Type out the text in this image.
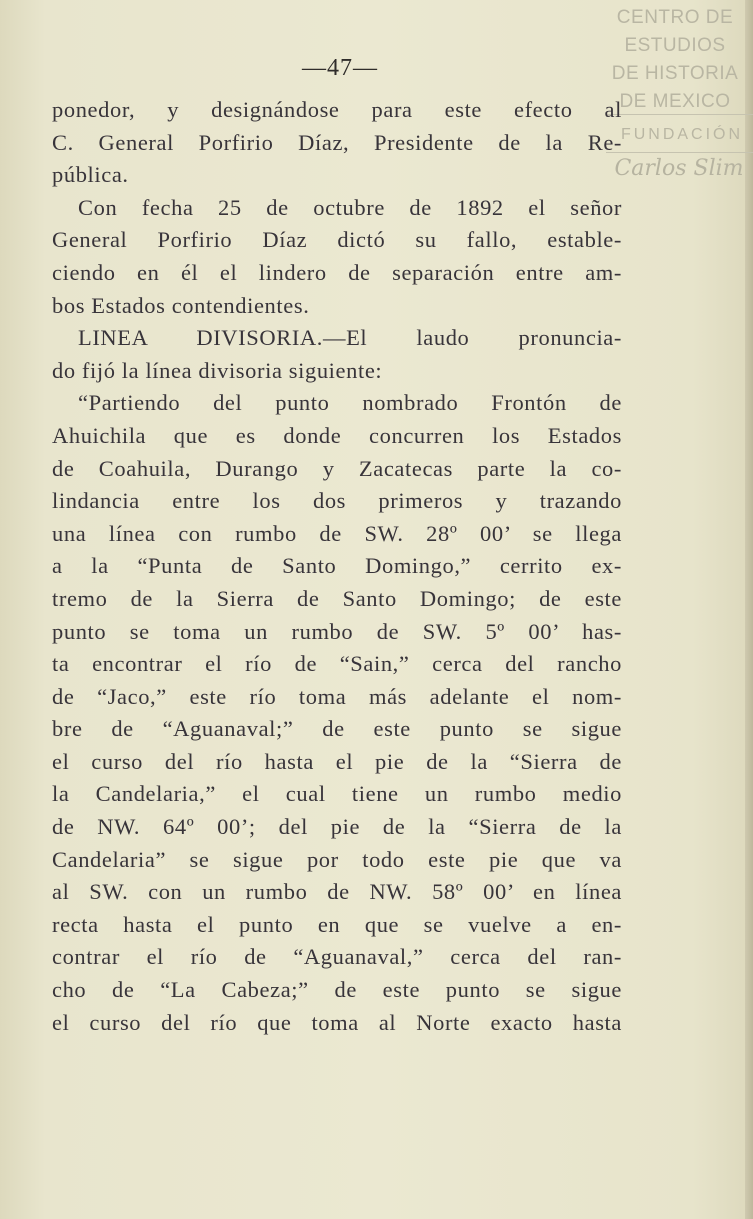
CENTRO DE
ESTUDIOS
DE HISTORIA
DE MEXICO
FUNDACIÓN
Carlos Slim
—47—
ponedor, y designándose para este efecto al
C. General Porfirio Díaz, Presidente de la Re-
pública.
Con fecha 25 de octubre de 1892 el señor
General Porfirio Díaz dictó su fallo, estable-
ciendo en él el lindero de separación entre am-
bos Estados contendientes.
LINEA DIVISORIA.—El laudo pronuncia-
do fijó la línea divisoria siguiente:
“Partiendo del punto nombrado Frontón de
Ahuichila que es donde concurren los Estados
de Coahuila, Durango y Zacatecas parte la co-
lindancia entre los dos primeros y trazando
una línea con rumbo de SW. 28º 00’ se llega
a la “Punta de Santo Domingo,” cerrito ex-
tremo de la Sierra de Santo Domingo; de este
punto se toma un rumbo de SW. 5º 00’ has-
ta encontrar el río de “Sain,” cerca del rancho
de “Jaco,” este río toma más adelante el nom-
bre de “Aguanaval;” de este punto se sigue
el curso del río hasta el pie de la “Sierra de
la Candelaria,” el cual tiene un rumbo medio
de NW. 64º 00’; del pie de la “Sierra de la
Candelaria” se sigue por todo este pie que va
al SW. con un rumbo de NW. 58º 00’ en línea
recta hasta el punto en que se vuelve a en-
contrar el río de “Aguanaval,” cerca del ran-
cho de “La Cabeza;” de este punto se sigue
el curso del río que toma al Norte exacto hasta
